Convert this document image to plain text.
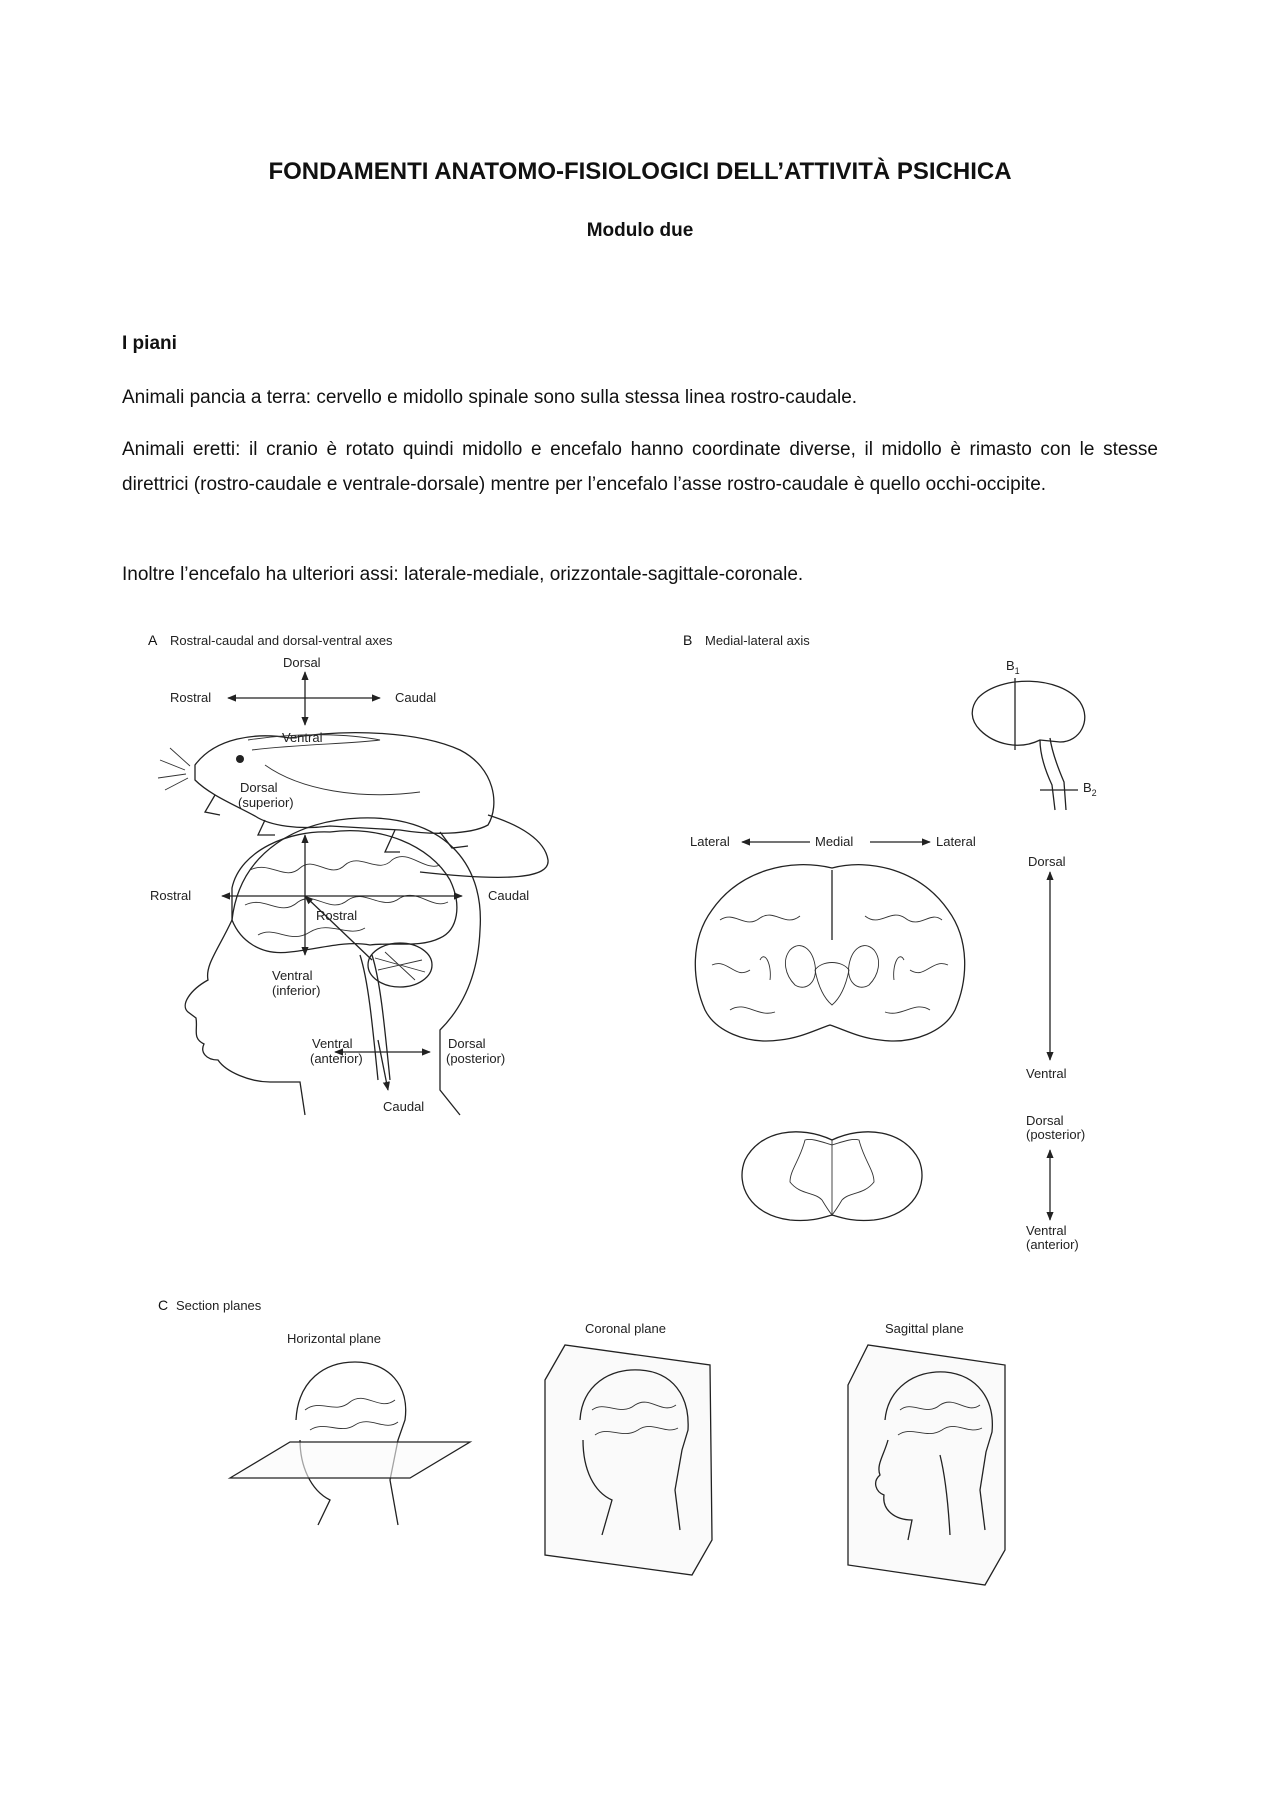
FONDAMENTI ANATOMO-FISIOLOGICI DELL’ATTIVITÀ PSICHICA

Modulo due

I piani

Animali pancia a terra: cervello e midollo spinale sono sulla stessa linea rostro-caudale.

Animali eretti: il cranio è rotato quindi midollo e encefalo hanno coordinate diverse, il midollo è rimasto con le stesse direttrici (rostro-caudale e ventrale-dorsale) mentre per l’encefalo l’asse rostro-caudale è quello occhi-occipite.

Inoltre l’encefalo ha ulteriori assi: laterale-mediale, orizzontale-sagittale-coronale.

A Rostral-caudal and dorsal-ventral axes
Dorsal
Rostral	Caudal
Ventral
Dorsal
(superior)
Rostral	Caudal
Rostral
Ventral
(inferior)
Ventral
(anterior)
Dorsal
(posterior)
Caudal
B Medial-lateral axis
$B_1$
$B_2$
Lateral	Medial	Lateral
Dorsal
Ventral
Dorsal
(posterior)
Ventral
(anterior)
C Section planes
Horizontal plane
Coronal plane	Sagittal plane
